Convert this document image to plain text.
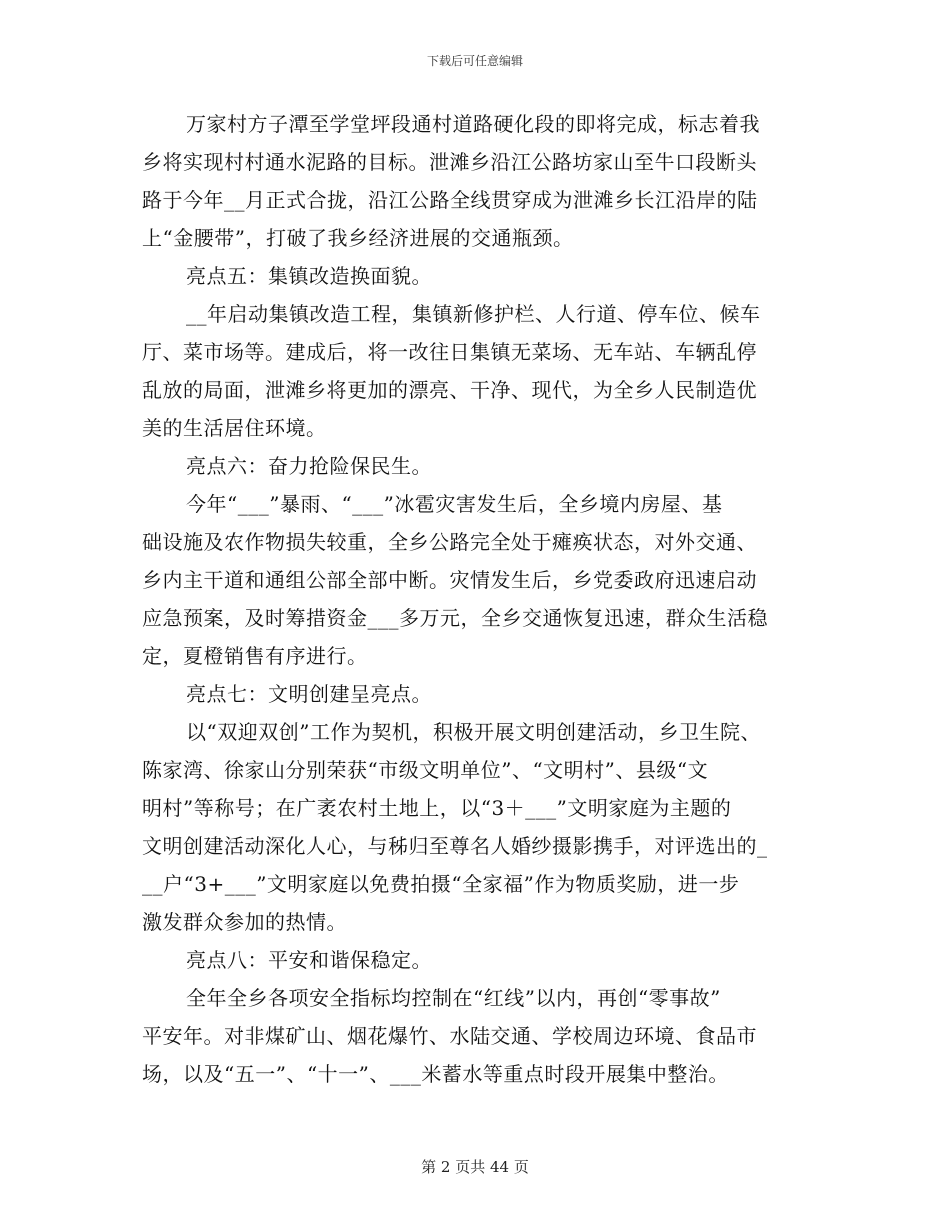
下载后可任意编辑
万家村方子潭至学堂坪段通村道路硬化段的即将完成，标志着我
乡将实现村村通水泥路的目标。泄滩乡沿江公路坊家山至牛口段断头
路于今年__月正式合拢，沿江公路全线贯穿成为泄滩乡长江沿岸的陆
上“金腰带”，打破了我乡经济进展的交通瓶颈。
亮点五：集镇改造换面貌。
__年启动集镇改造工程，集镇新修护栏、人行道、停车位、候车
厅、菜市场等。建成后，将一改往日集镇无菜场、无车站、车辆乱停
乱放的局面，泄滩乡将更加的漂亮、干净、现代，为全乡人民制造优
美的生活居住环境。
亮点六：奋力抢险保民生。
今年“___”暴雨、“___”冰雹灾害发生后，全乡境内房屋、基
础设施及农作物损失较重，全乡公路完全处于瘫痪状态，对外交通、
乡内主干道和通组公部全部中断。灾情发生后，乡党委政府迅速启动
应急预案，及时筹措资金___多万元，全乡交通恢复迅速，群众生活稳
定，夏橙销售有序进行。
亮点七：文明创建呈亮点。
以“双迎双创”工作为契机，积极开展文明创建活动，乡卫生院、
陈家湾、徐家山分别荣获“市级文明单位”、“文明村”、县级“文
明村”等称号；在广袤农村土地上，以“3＋___”文明家庭为主题的
文明创建活动深化人心，与秭归至尊名人婚纱摄影携手，对评选出的_
__户“3+___”文明家庭以免费拍摄“全家福”作为物质奖励，进一步
激发群众参加的热情。
亮点八：平安和谐保稳定。
全年全乡各项安全指标均控制在“红线”以内，再创“零事故”
平安年。对非煤矿山、烟花爆竹、水陆交通、学校周边环境、食品市
场，以及“五一”、“十一”、___米蓄水等重点时段开展集中整治。
第 2 页共 44 页
